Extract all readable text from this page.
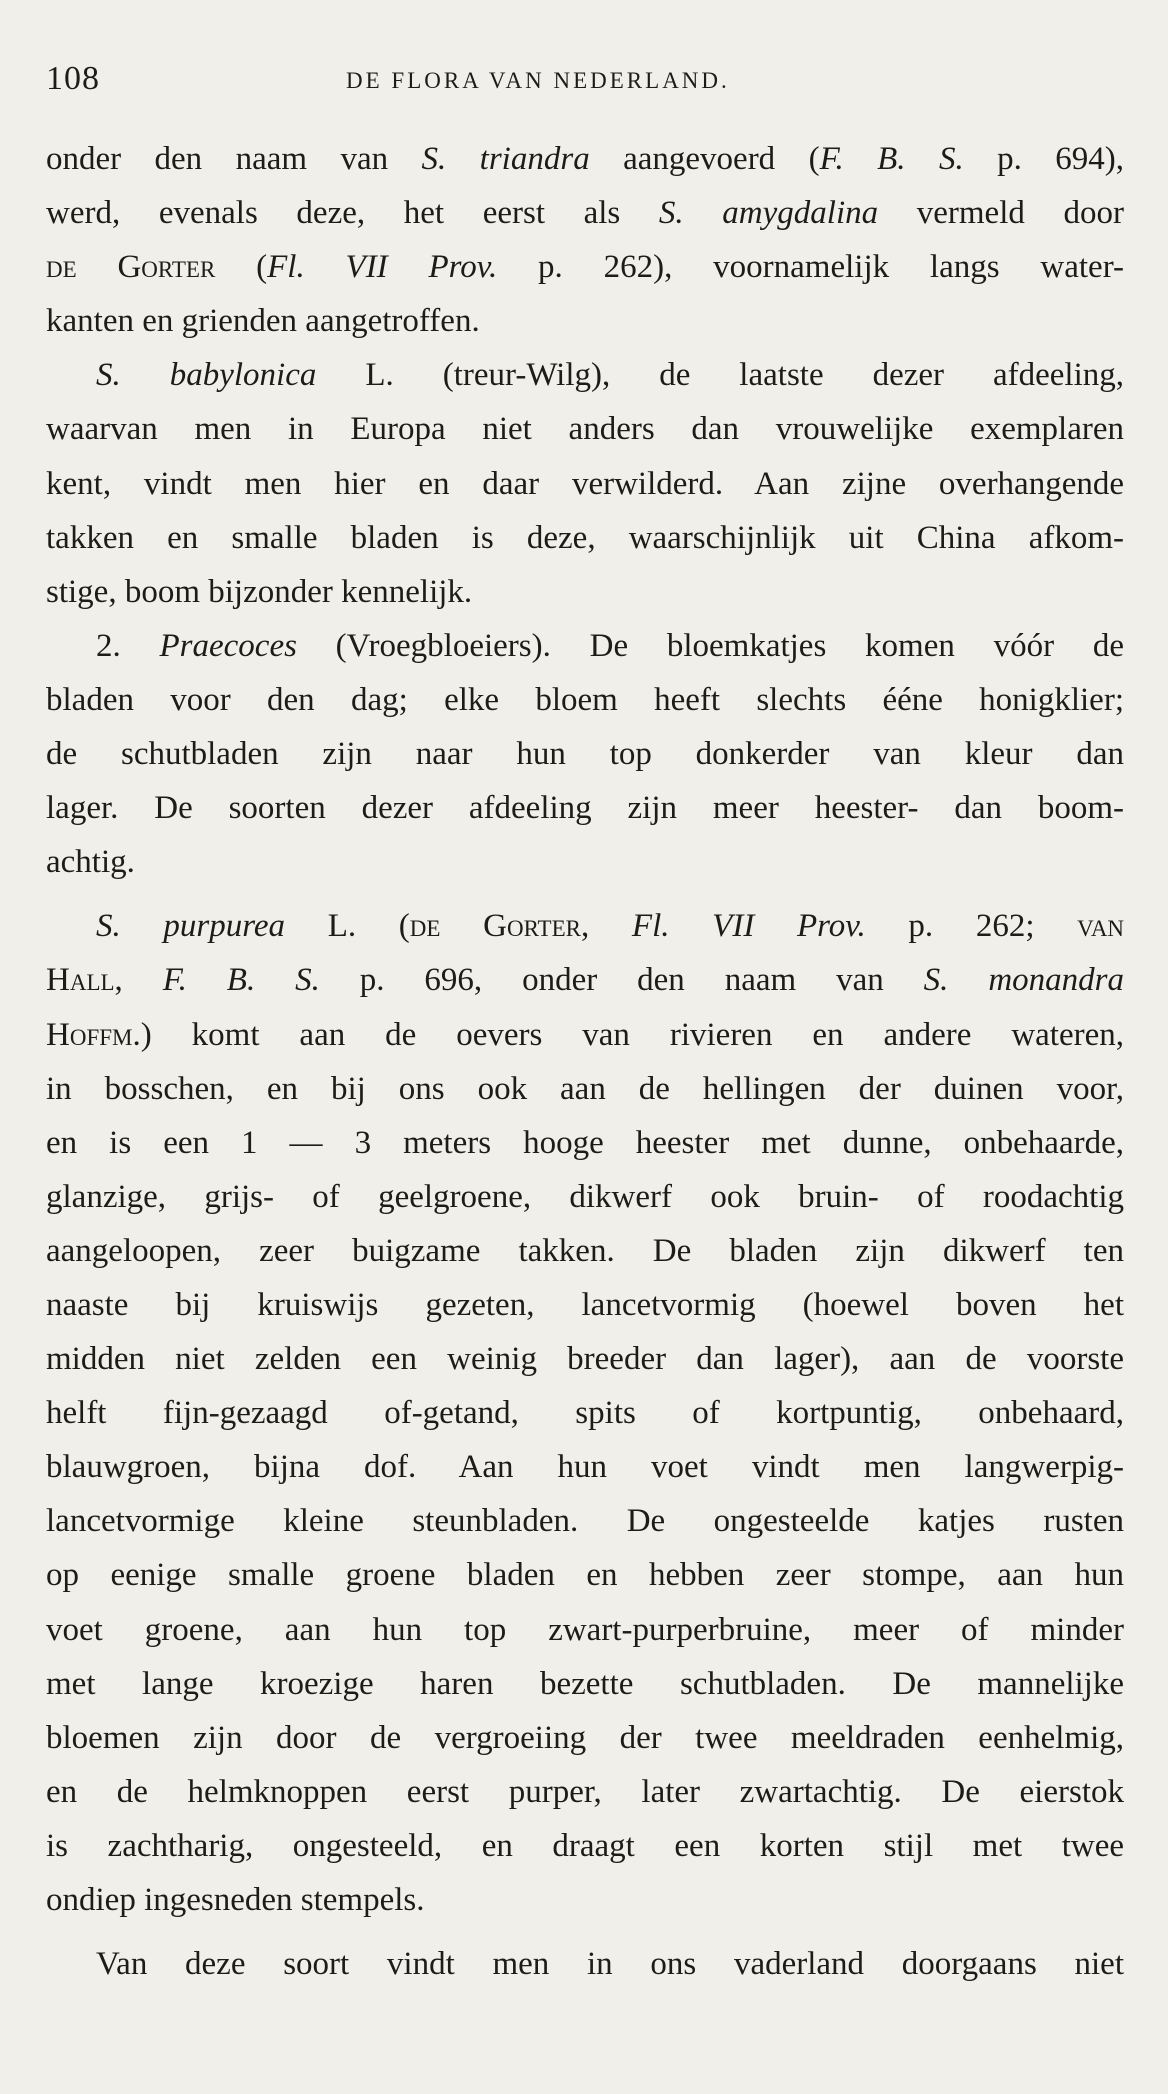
108	DE FLORA VAN NEDERLAND.
onder den naam van S. triandra aangevoerd (F. B. S. p. 694),
werd, evenals deze, het eerst als S. amygdalina vermeld door
de Gorter (Fl. VII Prov. p. 262), voornamelijk langs water-
kanten en grienden aangetroffen.
S. babylonica L. (treur-Wilg), de laatste dezer afdeeling,
waarvan men in Europa niet anders dan vrouwelijke exemplaren
kent, vindt men hier en daar verwilderd. Aan zijne overhangende
takken en smalle bladen is deze, waarschijnlijk uit China afkom-
stige, boom bijzonder kennelijk.
2. Praecoces (Vroegbloeiers). De bloemkatjes komen vóór de
bladen voor den dag; elke bloem heeft slechts ééne honigklier;
de schutbladen zijn naar hun top donkerder van kleur dan
lager. De soorten dezer afdeeling zijn meer heester- dan boom-
achtig.
S. purpurea L. (de Gorter, Fl. VII Prov. p. 262; van
Hall, F. B. S. p. 696, onder den naam van S. monandra
Hoffm.) komt aan de oevers van rivieren en andere wateren,
in bosschen, en bij ons ook aan de hellingen der duinen voor,
en is een 1 — 3 meters hooge heester met dunne, onbehaarde,
glanzige, grijs- of geelgroene, dikwerf ook bruin- of roodachtig
aangeloopen, zeer buigzame takken. De bladen zijn dikwerf ten
naaste bij kruiswijs gezeten, lancetvormig (hoewel boven het
midden niet zelden een weinig breeder dan lager), aan de voorste
helft fijn-gezaagd of-getand, spits of kortpuntig, onbehaard,
blauwgroen, bijna dof. Aan hun voet vindt men langwerpig-
lancetvormige kleine steunbladen. De ongesteelde katjes rusten
op eenige smalle groene bladen en hebben zeer stompe, aan hun
voet groene, aan hun top zwart-purperbruine, meer of minder
met lange kroezige haren bezette schutbladen. De mannelijke
bloemen zijn door de vergroeiing der twee meeldraden eenhelmig,
en de helmknoppen eerst purper, later zwartachtig. De eierstok
is zachtharig, ongesteeld, en draagt een korten stijl met twee
ondiep ingesneden stempels.
Van deze soort vindt men in ons vaderland doorgaans niet
